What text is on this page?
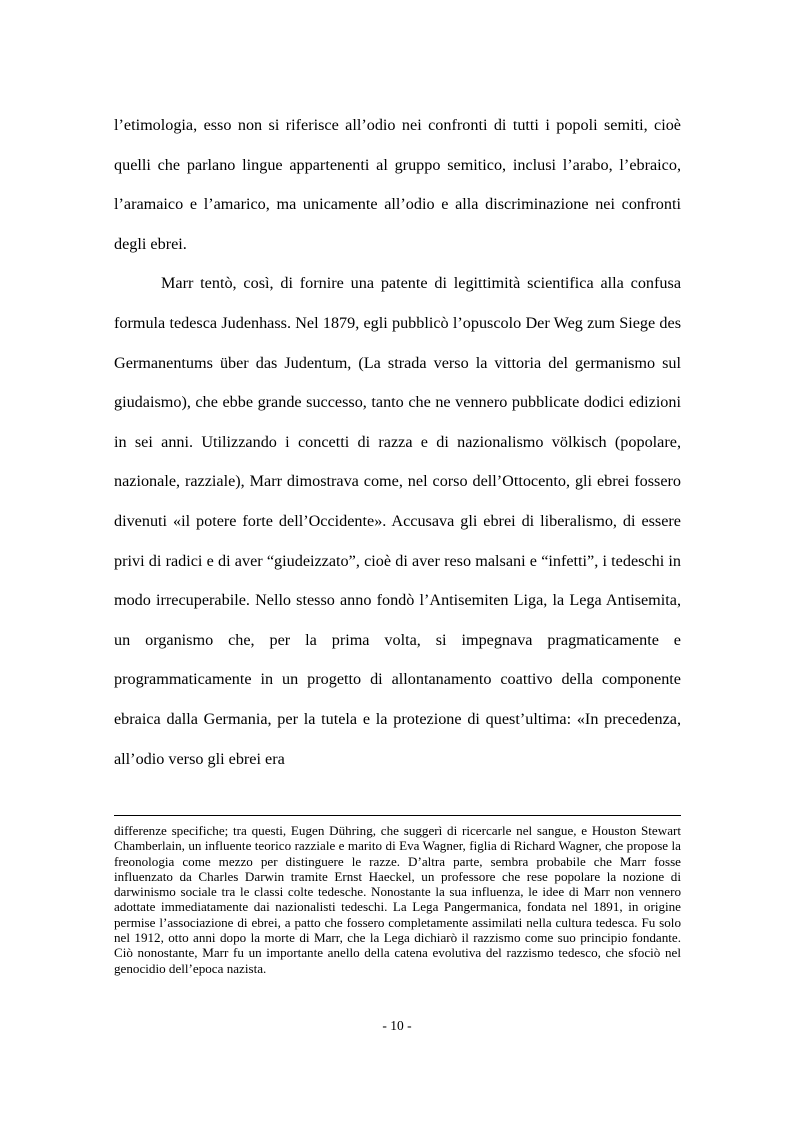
l’etimologia, esso non si riferisce all’odio nei confronti di tutti i popoli semiti, cioè quelli che parlano lingue appartenenti al gruppo semitico, inclusi l’arabo, l’ebraico, l’aramaico e l’amarico, ma unicamente all’odio e alla discriminazione nei confronti degli ebrei.

Marr tentò, così, di fornire una patente di legittimità scientifica alla confusa formula tedesca Judenhass. Nel 1879, egli pubblicò l’opuscolo Der Weg zum Siege des Germanentums über das Judentum, (La strada verso la vittoria del germanismo sul giudaismo), che ebbe grande successo, tanto che ne vennero pubblicate dodici edizioni in sei anni. Utilizzando i concetti di razza e di nazionalismo völkisch (popolare, nazionale, razziale), Marr dimostrava come, nel corso dell’Ottocento, gli ebrei fossero divenuti «il potere forte dell’Occidente». Accusava gli ebrei di liberalismo, di essere privi di radici e di aver “giudeizzato”, cioè di aver reso malsani e “infetti”, i tedeschi in modo irrecuperabile. Nello stesso anno fondò l’Antisemiten Liga, la Lega Antisemita, un organismo che, per la prima volta, si impegnava pragmaticamente e programmaticamente in un progetto di allontanamento coattivo della componente ebraica dalla Germania, per la tutela e la protezione di quest’ultima: «In precedenza, all’odio verso gli ebrei era

differenze specifiche; tra questi, Eugen Dühring, che suggerì di ricercarle nel sangue, e Houston Stewart Chamberlain, un influente teorico razziale e marito di Eva Wagner, figlia di Richard Wagner, che propose la freonologia come mezzo per distinguere le razze. D’altra parte, sembra probabile che Marr fosse influenzato da Charles Darwin tramite Ernst Haeckel, un professore che rese popolare la nozione di darwinismo sociale tra le classi colte tedesche. Nonostante la sua influenza, le idee di Marr non vennero adottate immediatamente dai nazionalisti tedeschi. La Lega Pangermanica, fondata nel 1891, in origine permise l’associazione di ebrei, a patto che fossero completamente assimilati nella cultura tedesca. Fu solo nel 1912, otto anni dopo la morte di Marr, che la Lega dichiarò il razzismo come suo principio fondante. Ciò nonostante, Marr fu un importante anello della catena evolutiva del razzismo tedesco, che sfociò nel genocidio dell’epoca nazista.

- 10 -
